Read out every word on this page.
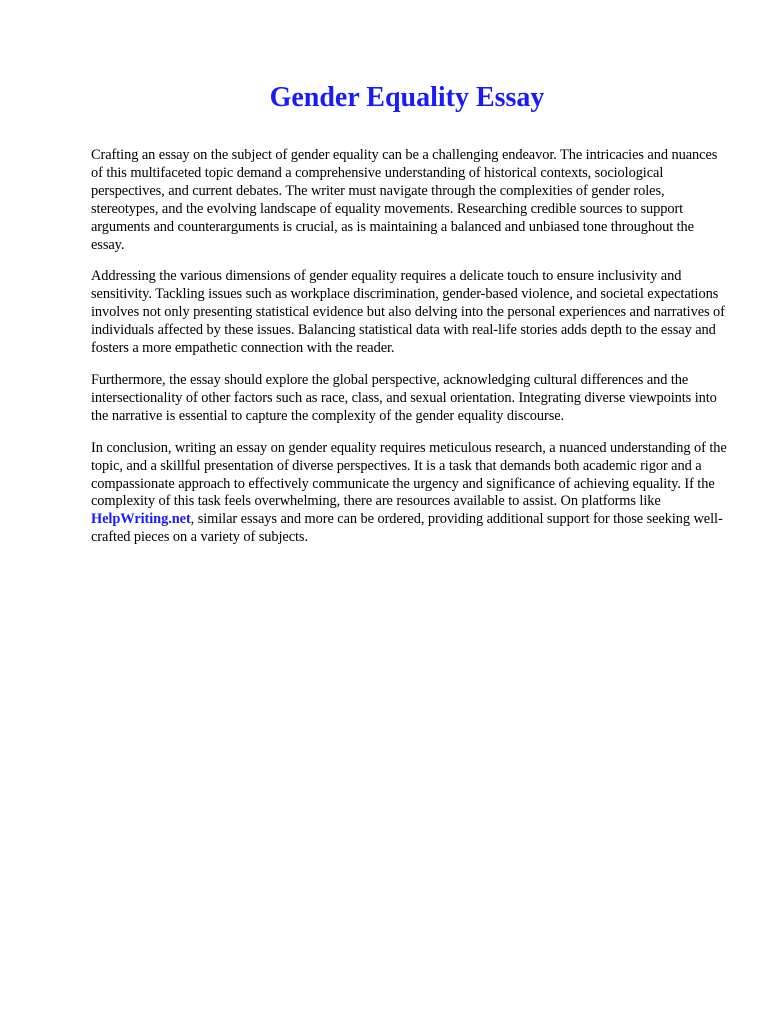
Gender Equality Essay

Crafting an essay on the subject of gender equality can be a challenging endeavor. The intricacies and nuances of this multifaceted topic demand a comprehensive understanding of historical contexts, sociological perspectives, and current debates. The writer must navigate through the complexities of gender roles, stereotypes, and the evolving landscape of equality movements. Researching credible sources to support arguments and counterarguments is crucial, as is maintaining a balanced and unbiased tone throughout the essay.

Addressing the various dimensions of gender equality requires a delicate touch to ensure inclusivity and sensitivity. Tackling issues such as workplace discrimination, gender-based violence, and societal expectations involves not only presenting statistical evidence but also delving into the personal experiences and narratives of individuals affected by these issues. Balancing statistical data with real-life stories adds depth to the essay and fosters a more empathetic connection with the reader.

Furthermore, the essay should explore the global perspective, acknowledging cultural differences and the intersectionality of other factors such as race, class, and sexual orientation. Integrating diverse viewpoints into the narrative is essential to capture the complexity of the gender equality discourse.

In conclusion, writing an essay on gender equality requires meticulous research, a nuanced understanding of the topic, and a skillful presentation of diverse perspectives. It is a task that demands both academic rigor and a compassionate approach to effectively communicate the urgency and significance of achieving equality. If the complexity of this task feels overwhelming, there are resources available to assist. On platforms like HelpWriting.net, similar essays and more can be ordered, providing additional support for those seeking well-crafted pieces on a variety of subjects.
